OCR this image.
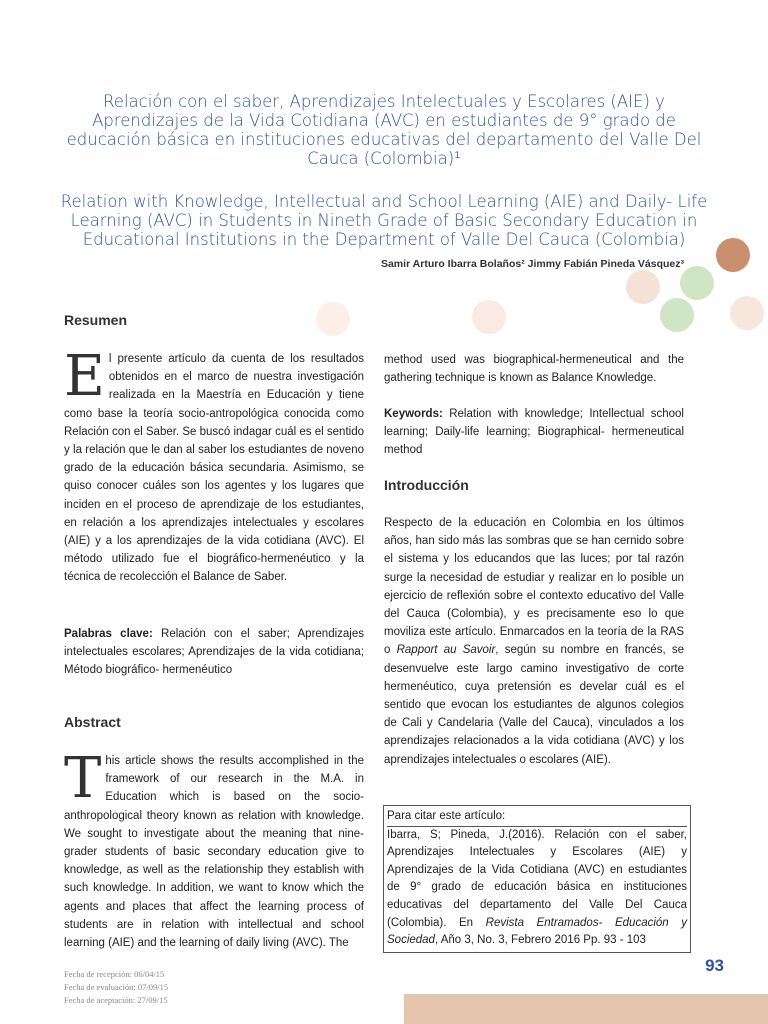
Relación con el saber, Aprendizajes Intelectuales y Escolares (AIE) y Aprendizajes de la Vida Cotidiana (AVC) en estudiantes de 9° grado de educación básica en instituciones educativas del departamento del Valle Del Cauca (Colombia)¹
Relation with Knowledge, Intellectual and School Learning (AIE) and Daily- Life Learning (AVC) in Students in Nineth Grade of Basic Secondary Education in Educational Institutions in the Department of Valle Del Cauca (Colombia)
Samir Arturo Ibarra Bolaños² Jimmy Fabián Pineda Vásquez³
Resumen
El presente artículo da cuenta de los resultados obtenidos en el marco de nuestra investigación realizada en la Maestría en Educación y tiene como base la teoría socio-antropológica conocida como Relación con el Saber. Se buscó indagar cuál es el sentido y la relación que le dan al saber los estudiantes de noveno grado de la educación básica secundaria. Asimismo, se quiso conocer cuáles son los agentes y los lugares que inciden en el proceso de aprendizaje de los estudiantes, en relación a los aprendizajes intelectuales y escolares (AIE) y a los aprendizajes de la vida cotidiana (AVC). El método utilizado fue el biográfico-hermenéutico y la técnica de recolección el Balance de Saber.
Palabras clave: Relación con el saber; Aprendizajes intelectuales escolares; Aprendizajes de la vida cotidiana; Método biográfico- hermenéutico
Abstract
This article shows the results accomplished in the framework of our research in the M.A. in Education which is based on the socio-anthropological theory known as relation with knowledge. We sought to investigate about the meaning that nine-grader students of basic secondary education give to knowledge, as well as the relationship they establish with such knowledge. In addition, we want to know which the agents and places that affect the learning process of students are in relation with intellectual and school learning (AIE) and the learning of daily living (AVC). The
method used was biographical-hermeneutical and the gathering technique is known as Balance Knowledge.
Keywords: Relation with knowledge; Intellectual school learning; Daily-life learning; Biographical- hermeneutical method
Introducción
Respecto de la educación en Colombia en los últimos años, han sido más las sombras que se han cernido sobre el sistema y los educandos que las luces; por tal razón surge la necesidad de estudiar y realizar en lo posible un ejercicio de reflexión sobre el contexto educativo del Valle del Cauca (Colombia), y es precisamente eso lo que moviliza este artículo. Enmarcados en la teoría de la RAS o Rapport au Savoir, según su nombre en francés, se desenvuelve este largo camino investigativo de corte hermenéutico, cuya pretensión es develar cuál es el sentido que evocan los estudiantes de algunos colegios de Cali y Candelaria (Valle del Cauca), vinculados a los aprendizajes relacionados a la vida cotidiana (AVC) y los aprendizajes intelectuales o escolares (AIE).
Para citar este artículo:
Ibarra, S; Pineda, J.(2016). Relación con el saber, Aprendizajes Intelectuales y Escolares (AIE) y Aprendizajes de la Vida Cotidiana (AVC) en estudiantes de 9° grado de educación básica en instituciones educativas del departamento del Valle Del Cauca (Colombia). En Revista Entramados- Educación y Sociedad, Año 3, No. 3, Febrero 2016 Pp. 93 - 103
Fecha de recepción: 06/04/15
Fecha de evaluación: 07/09/15
Fecha de aceptación: 27/09/15
93
